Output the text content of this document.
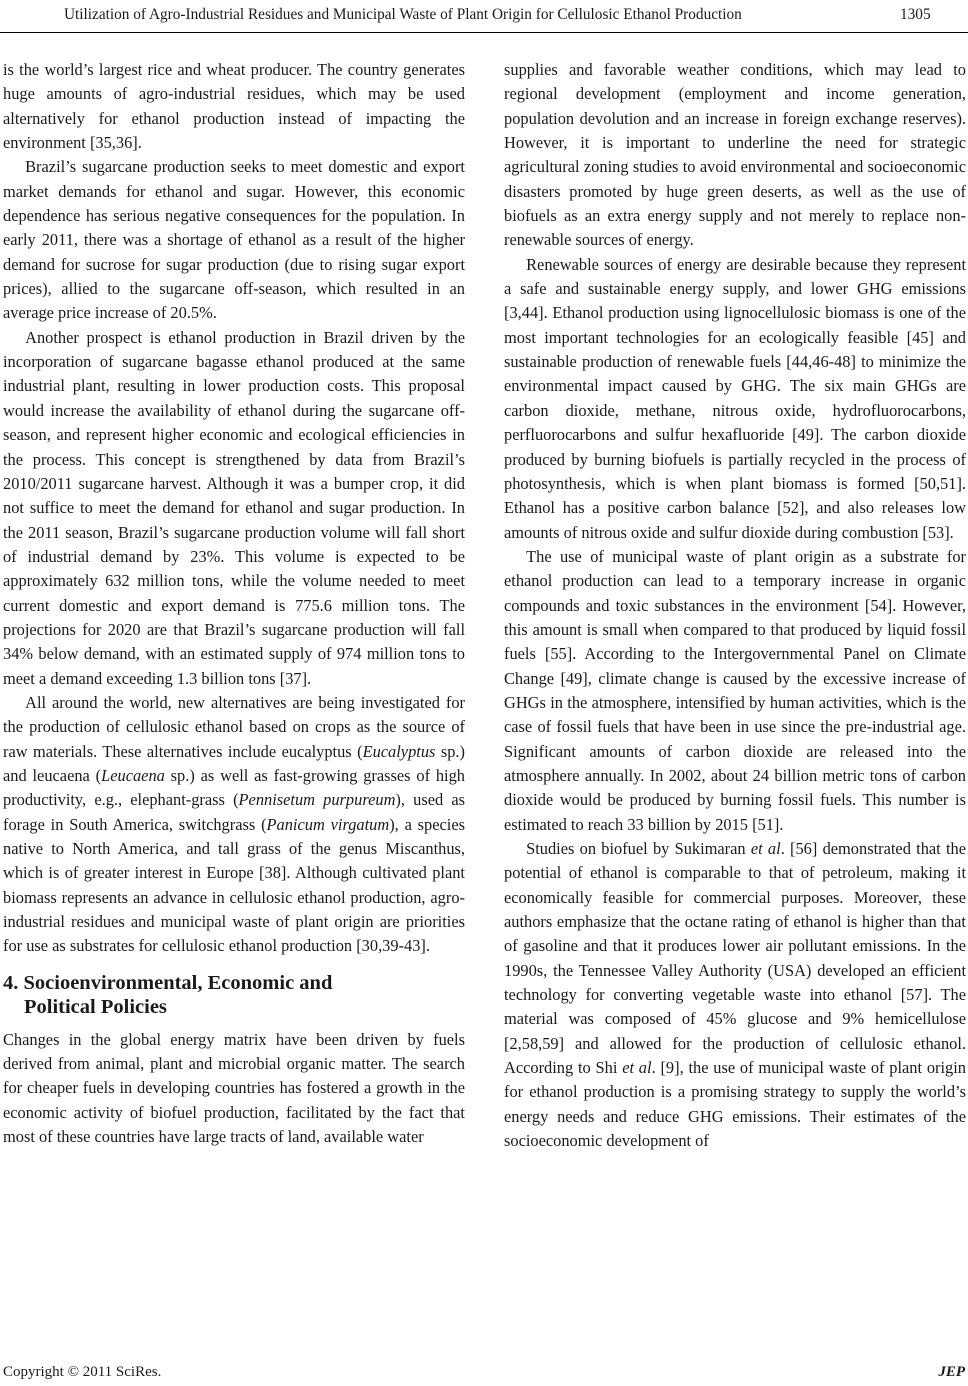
Utilization of Agro-Industrial Residues and Municipal Waste of Plant Origin for Cellulosic Ethanol Production	1305

is the world’s largest rice and wheat producer. The country generates huge amounts of agro-industrial residues, which may be used alternatively for ethanol production instead of impacting the environment [35,36].

Brazil’s sugarcane production seeks to meet domestic and export market demands for ethanol and sugar. However, this economic dependence has serious negative consequences for the population. In early 2011, there was a shortage of ethanol as a result of the higher demand for sucrose for sugar production (due to rising sugar export prices), allied to the sugarcane off-season, which resulted in an average price increase of 20.5%.

Another prospect is ethanol production in Brazil driven by the incorporation of sugarcane bagasse ethanol produced at the same industrial plant, resulting in lower production costs. This proposal would increase the availability of ethanol during the sugarcane off-season, and represent higher economic and ecological efficiencies in the process. This concept is strengthened by data from Brazil’s 2010/2011 sugarcane harvest. Although it was a bumper crop, it did not suffice to meet the demand for ethanol and sugar production. In the 2011 season, Brazil’s sugarcane production volume will fall short of industrial demand by 23%. This volume is expected to be approximately 632 million tons, while the volume needed to meet current domestic and export demand is 775.6 million tons. The projections for 2020 are that Brazil’s sugarcane production will fall 34% below demand, with an estimated supply of 974 million tons to meet a demand exceeding 1.3 billion tons [37].

All around the world, new alternatives are being investigated for the production of cellulosic ethanol based on crops as the source of raw materials. These alternatives include eucalyptus (Eucalyptus sp.) and leucaena (Leucaena sp.) as well as fast-growing grasses of high productivity, e.g., elephant-grass (Pennisetum purpureum), used as forage in South America, switchgrass (Panicum virgatum), a species native to North America, and tall grass of the genus Miscanthus, which is of greater interest in Europe [38]. Although cultivated plant biomass represents an advance in cellulosic ethanol production, agro-industrial residues and municipal waste of plant origin are priorities for use as substrates for cellulosic ethanol production [30,39-43].

4. Socioenvironmental, Economic and
Political Policies

Changes in the global energy matrix have been driven by fuels derived from animal, plant and microbial organic matter. The search for cheaper fuels in developing countries has fostered a growth in the economic activity of biofuel production, facilitated by the fact that most of these countries have large tracts of land, available water

supplies and favorable weather conditions, which may lead to regional development (employment and income generation, population devolution and an increase in foreign exchange reserves). However, it is important to underline the need for strategic agricultural zoning studies to avoid environmental and socioeconomic disasters promoted by huge green deserts, as well as the use of biofuels as an extra energy supply and not merely to replace non-renewable sources of energy.

Renewable sources of energy are desirable because they represent a safe and sustainable energy supply, and lower GHG emissions [3,44]. Ethanol production using lignocellulosic biomass is one of the most important technologies for an ecologically feasible [45] and sustainable production of renewable fuels [44,46-48] to minimize the environmental impact caused by GHG. The six main GHGs are carbon dioxide, methane, nitrous oxide, hydrofluorocarbons, perfluorocarbons and sulfur hexafluoride [49]. The carbon dioxide produced by burning biofuels is partially recycled in the process of photosynthesis, which is when plant biomass is formed [50,51]. Ethanol has a positive carbon balance [52], and also releases low amounts of nitrous oxide and sulfur dioxide during combustion [53].

The use of municipal waste of plant origin as a substrate for ethanol production can lead to a temporary increase in organic compounds and toxic substances in the environment [54]. However, this amount is small when compared to that produced by liquid fossil fuels [55]. According to the Intergovernmental Panel on Climate Change [49], climate change is caused by the excessive increase of GHGs in the atmosphere, intensified by human activities, which is the case of fossil fuels that have been in use since the pre-industrial age. Significant amounts of carbon dioxide are released into the atmosphere annually. In 2002, about 24 billion metric tons of carbon dioxide would be produced by burning fossil fuels. This number is estimated to reach 33 billion by 2015 [51].

Studies on biofuel by Sukimaran et al. [56] demonstrated that the potential of ethanol is comparable to that of petroleum, making it economically feasible for commercial purposes. Moreover, these authors emphasize that the octane rating of ethanol is higher than that of gasoline and that it produces lower air pollutant emissions. In the 1990s, the Tennessee Valley Authority (USA) developed an efficient technology for converting vegetable waste into ethanol [57]. The material was composed of 45% glucose and 9% hemicellulose [2,58,59] and allowed for the production of cellulosic ethanol. According to Shi et al. [9], the use of municipal waste of plant origin for ethanol production is a promising strategy to supply the world’s energy needs and reduce GHG emissions. Their estimates of the socioeconomic development of

Copyright © 2011 SciRes.	JEP
